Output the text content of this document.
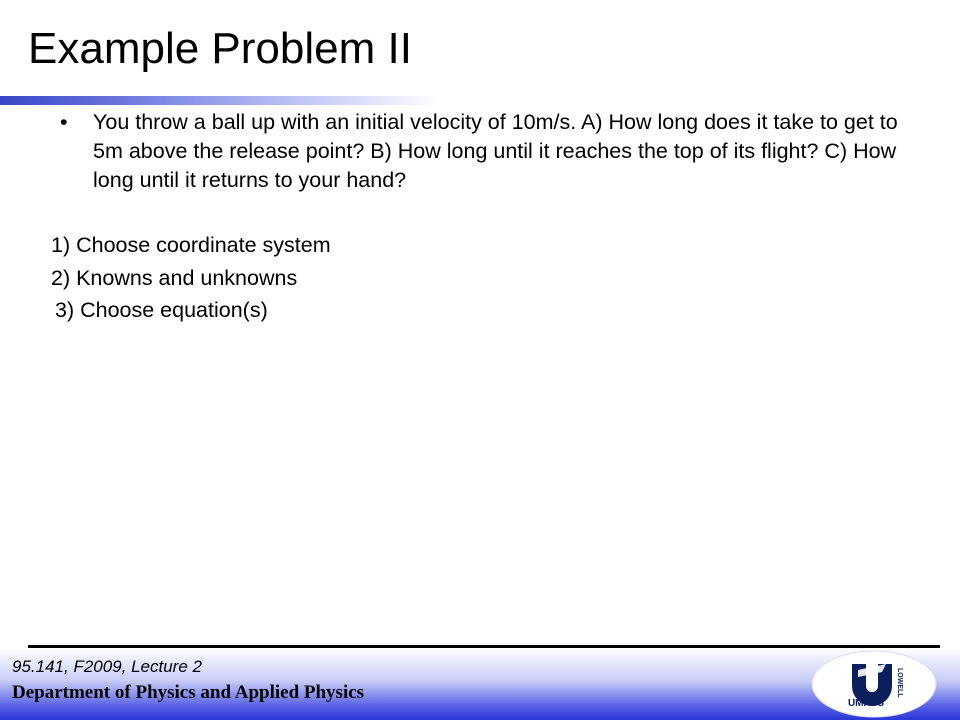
Example Problem II
• You throw a ball up with an initial velocity of 10m/s. A) How long does it take to get to 5m above the release point? B) How long until it reaches the top of its flight? C) How long until it returns to your hand?
1) Choose coordinate system
2) Knowns and unknowns
3) Choose equation(s)
95.141, F2009, Lecture 2
Department of Physics and Applied Physics
UMASS
LOWELL
